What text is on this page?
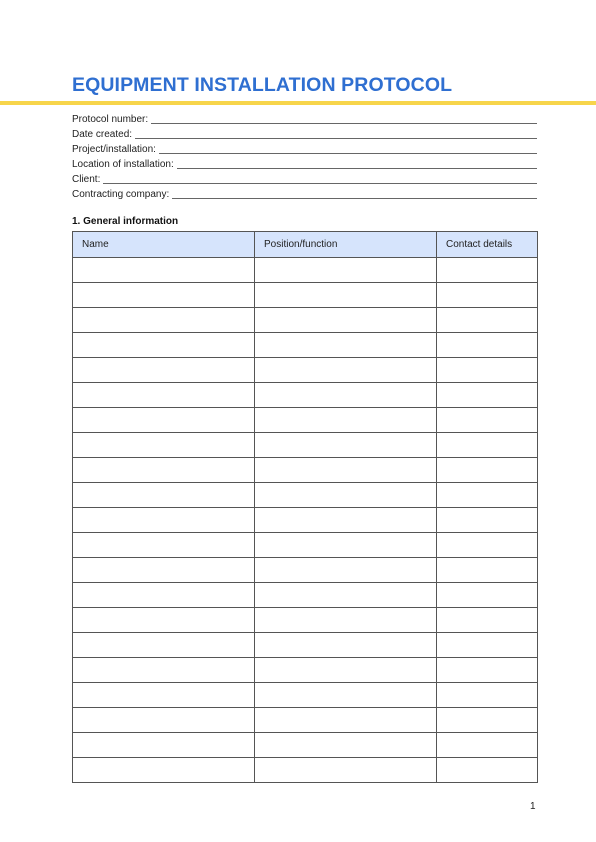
EQUIPMENT INSTALLATION PROTOCOL
Protocol number:
Date created:
Project/installation:
Location of installation:
Client:
Contracting company:
1. General information
Name	Position/function	Contact details

1
